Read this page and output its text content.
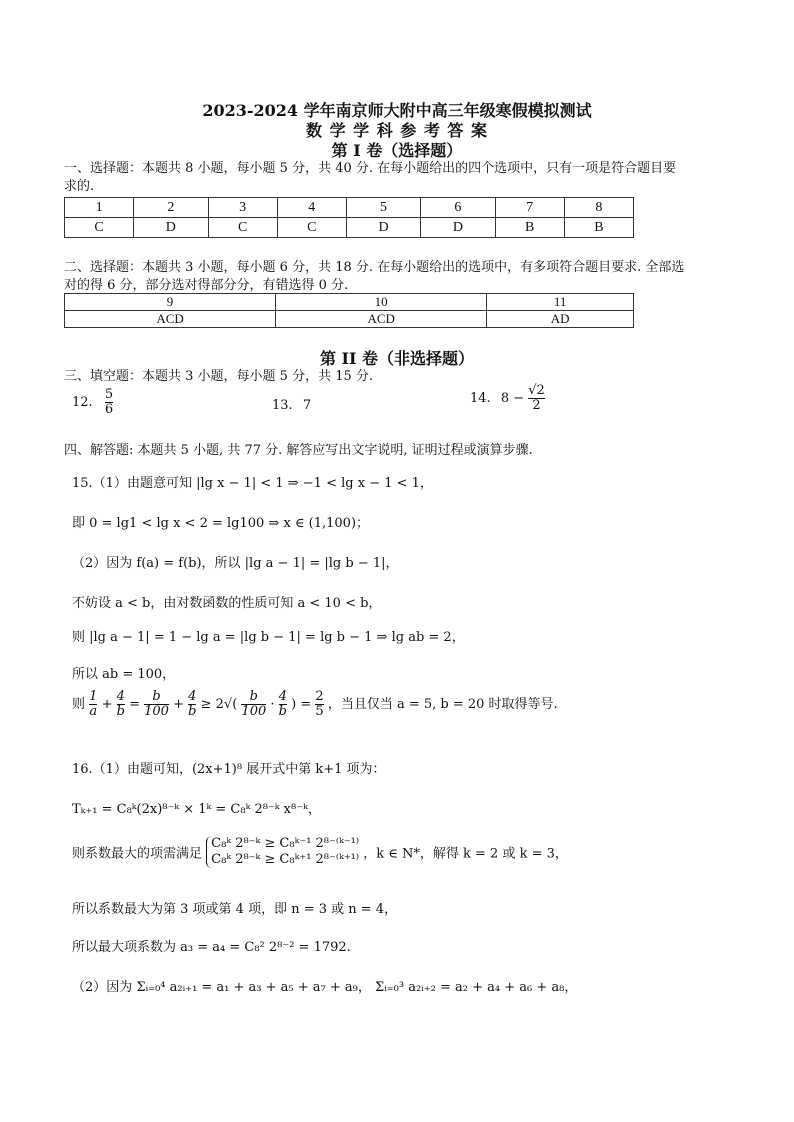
2023-2024 学年南京师大附中高三年级寒假模拟测试
数 学 学 科 参 考 答 案
第 I 卷（选择题）
一、选择题：本题共 8 小题，每小题 5 分，共 40 分. 在每小题给出的四个选项中，只有一项是符合题目要
求的.
1	2	3	4	5	6	7	8
C	D	C	C	D	D	B	B
二、选择题：本题共 3 小题，每小题 6 分，共 18 分. 在每小题给出的选项中，有多项符合题目要求. 全部选
对的得 6 分，部分选对得部分分，有错选得 0 分.
9	10	11
ACD	ACD	AD
第 II 卷（非选择题）
三、填空题：本题共 3 小题，每小题 5 分，共 15 分.
12. $\frac{5}{6}$	13. 7	14. $8 - \frac{√2}{2}$
四、解答题: 本题共 5 小题, 共 77 分. 解答应写出文字说明, 证明过程或演算步骤.
15.（1）由题意可知 |lg x − 1| < 1 ⇒ −1 < lg x − 1 < 1，
即 0 = lg1 < lg x < 2 = lg100 ⇒ x ∈ (1,100)；
（2）因为 f(a) = f(b)，所以 |lg a − 1| = |lg b − 1|，
不妨设 a < b，由对数函数的性质可知 a < 10 < b，
则 |lg a − 1| = 1 − lg a = |lg b − 1| = lg b − 1 ⇒ lg ab = 2，
所以 ab = 100，
则 $\frac{1}{a} + \frac{4}{b} = \frac{b}{100} + \frac{4}{b} \ge 2√( \frac{b}{100} \cdot \frac{4}{b}$ ) = $\frac{2}{5}$ ，当且仅当 a = 5, b = 20 时取得等号.
16.（1）由题可知，(2x+1)⁸ 展开式中第 k+1 项为：
Tₖ₊₁ = C₈ᵏ(2x)⁸⁻ᵏ × 1ᵏ = C₈ᵏ 2⁸⁻ᵏ x⁸⁻ᵏ，
则系数最大的项需满足
C₈ᵏ 2⁸⁻ᵏ ≥ C₈ᵏ⁻¹ 2⁸⁻⁽ᵏ⁻¹⁾
C₈ᵏ 2⁸⁻ᵏ ≥ C₈ᵏ⁺¹ 2⁸⁻⁽ᵏ⁺¹⁾ ，k ∈ N*，解得 k = 2 或 k = 3，
所以系数最大为第 3 项或第 4 项，即 n = 3 或 n = 4，
所以最大项系数为 a₃ = a₄ = C₈² 2⁸⁻² = 1792.
（2）因为 Σᵢ₌₀⁴ a₂ᵢ₊₁ = a₁ + a₃ + a₅ + a₇ + a₉， Σᵢ₌₀³ a₂ᵢ₊₂ = a₂ + a₄ + a₆ + a₈，
